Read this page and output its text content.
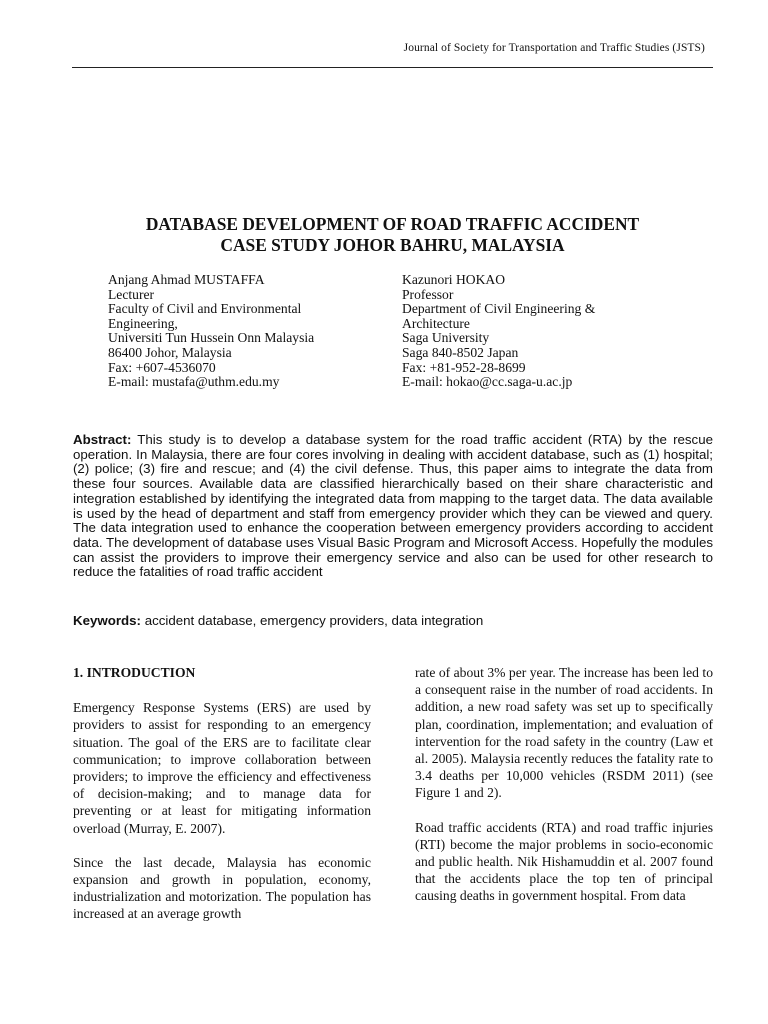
Journal of Society for Transportation and Traffic Studies (JSTS)
DATABASE DEVELOPMENT OF ROAD TRAFFIC ACCIDENT
CASE STUDY JOHOR BAHRU, MALAYSIA
Anjang Ahmad MUSTAFFA
Lecturer
Faculty of Civil and Environmental
Engineering,
Universiti Tun Hussein Onn Malaysia
86400 Johor, Malaysia
Fax: +607-4536070
E-mail: mustafa@uthm.edu.my
Kazunori HOKAO
Professor
Department of Civil Engineering &
Architecture
Saga University
Saga 840-8502 Japan
Fax: +81-952-28-8699
E-mail: hokao@cc.saga-u.ac.jp
Abstract: This study is to develop a database system for the road traffic accident (RTA) by the rescue operation. In Malaysia, there are four cores involving in dealing with accident database, such as (1) hospital; (2) police; (3) fire and rescue; and (4) the civil defense. Thus, this paper aims to integrate the data from these four sources. Available data are classified hierarchically based on their share characteristic and integration established by identifying the integrated data from mapping to the target data. The data available is used by the head of department and staff from emergency provider which they can be viewed and query. The data integration used to enhance the cooperation between emergency providers according to accident data. The development of database uses Visual Basic Program and Microsoft Access. Hopefully the modules can assist the providers to improve their emergency service and also can be used for other research to reduce the fatalities of road traffic accident
Keywords: accident database, emergency providers, data integration
1. INTRODUCTION

Emergency Response Systems (ERS) are used by providers to assist for responding to an emergency situation. The goal of the ERS are to facilitate clear communication; to improve collaboration between providers; to improve the efficiency and effectiveness of decision-making; and to manage data for preventing or at least for mitigating information overload (Murray, E. 2007).

Since the last decade, Malaysia has economic expansion and growth in population, economy, industrialization and motorization. The population has increased at an average growth

rate of about 3% per year. The increase has been led to a consequent raise in the number of road accidents. In addition, a new road safety was set up to specifically plan, coordination, implementation; and evaluation of intervention for the road safety in the country (Law et al. 2005). Malaysia recently reduces the fatality rate to 3.4 deaths per 10,000 vehicles (RSDM 2011) (see Figure 1 and 2).

Road traffic accidents (RTA) and road traffic injuries (RTI) become the major problems in socio-economic and public health. Nik Hishamuddin et al. 2007 found that the accidents place the top ten of principal causing deaths in government hospital. From data
